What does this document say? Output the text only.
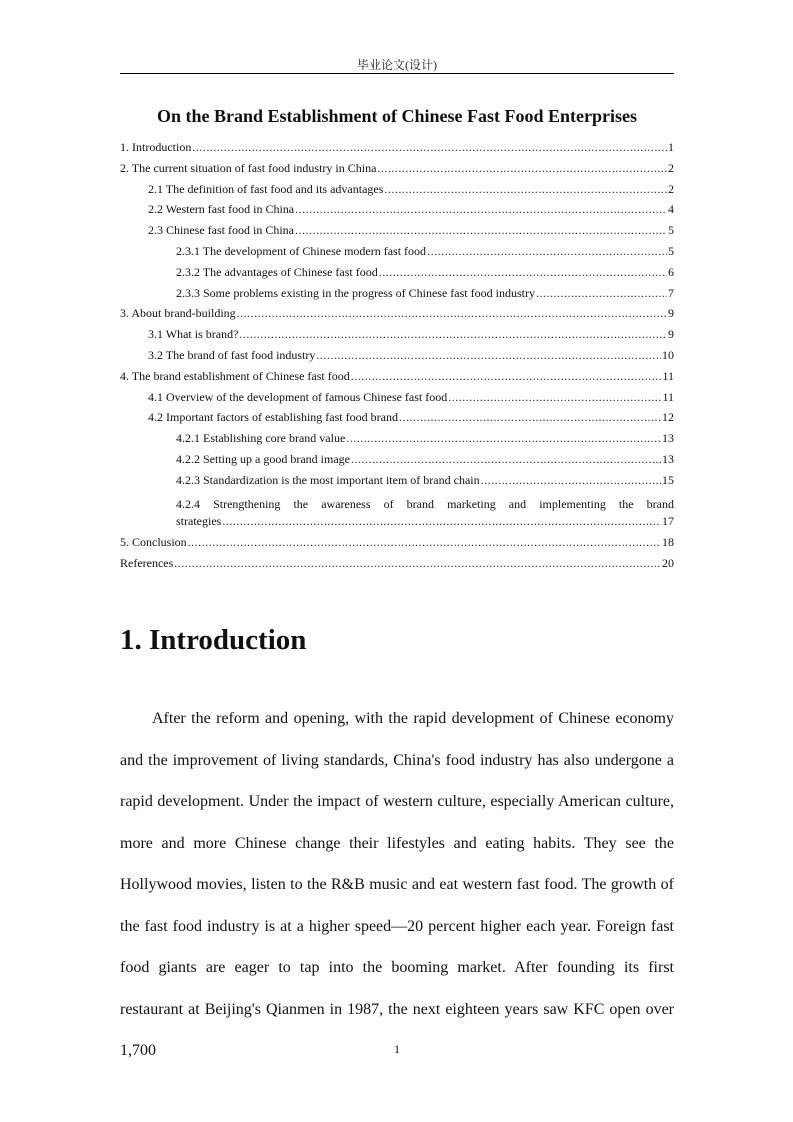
毕业论文(设计)
On the Brand Establishment of Chinese Fast Food Enterprises
1. Introduction .....	1
2. The current situation of fast food industry in China .....	2
2.1 The definition of fast food and its advantages .....	2
2.2 Western fast food in China .....	4
2.3 Chinese fast food in China .....	5
2.3.1 The development of Chinese modern fast food .....	5
2.3.2 The advantages of Chinese fast food .....	6
2.3.3 Some problems existing in the progress of Chinese fast food industry .....	7
3. About brand-building .....	9
3.1 What is brand? .....	9
3.2 The brand of fast food industry .....	10
4. The brand establishment of Chinese fast food .....	11
4.1 Overview of the development of famous Chinese fast food .....	11
4.2 Important factors of establishing fast food brand .....	12
4.2.1 Establishing core brand value .....	13
4.2.2 Setting up a good brand image .....	13
4.2.3 Standardization is the most important item of brand chain .....	15
4.2.4 Strengthening the awareness of brand marketing and implementing the brand
strategies .....	17
5. Conclusion .....	18
References .....	20
1. Introduction

After the reform and opening, with the rapid development of Chinese economy and the improvement of living standards, China's food industry has also undergone a rapid development. Under the impact of western culture, especially American culture, more and more Chinese change their lifestyles and eating habits. They see the Hollywood movies, listen to the R&B music and eat western fast food. The growth of the fast food industry is at a higher speed—20 percent higher each year. Foreign fast food giants are eager to tap into the booming market. After founding its first restaurant at Beijing's Qianmen in 1987, the next eighteen years saw KFC open over 1,700	1
